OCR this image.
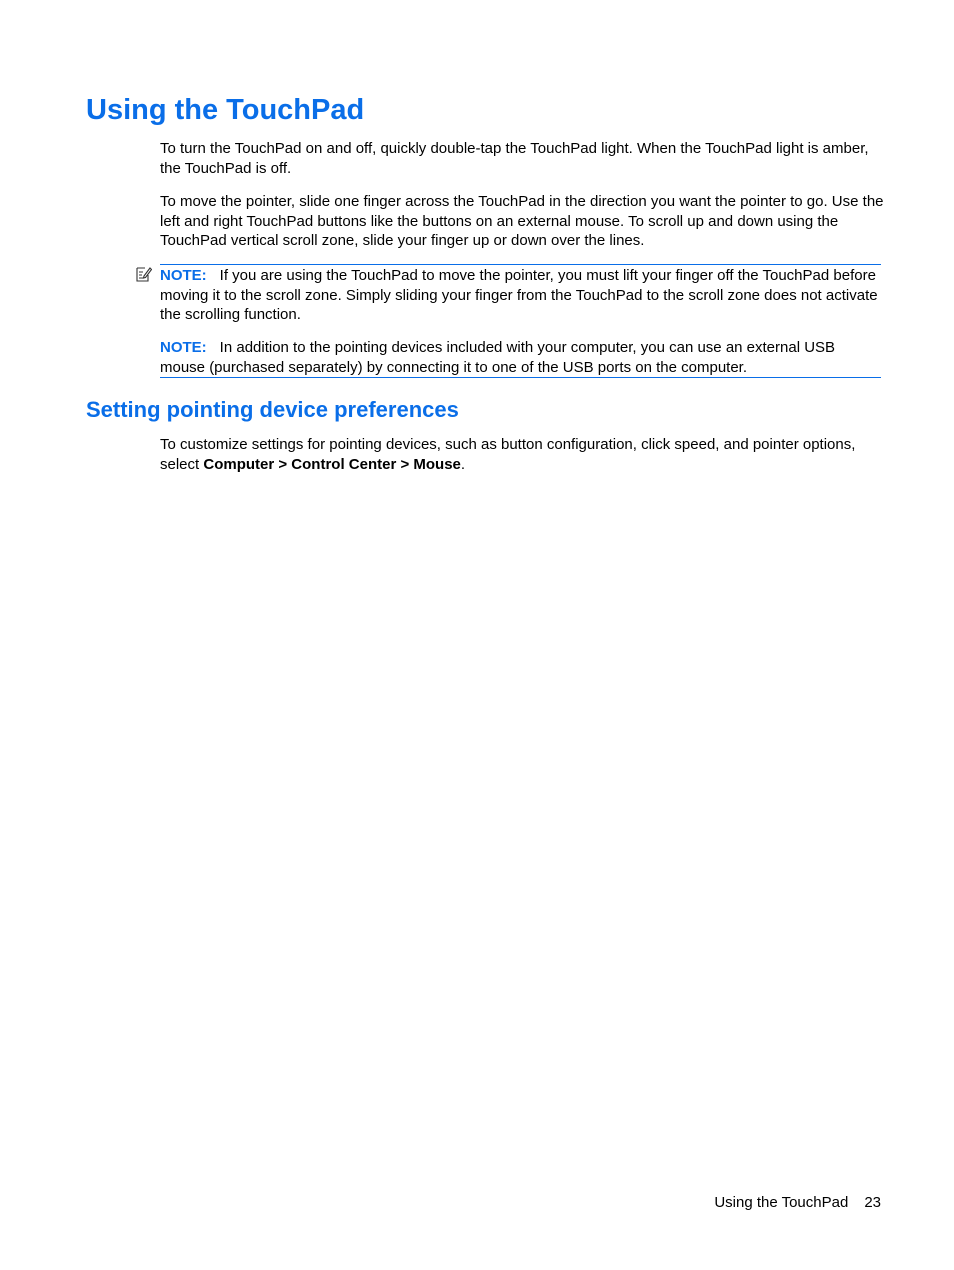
Using the TouchPad

To turn the TouchPad on and off, quickly double-tap the TouchPad light. When the TouchPad light is amber, the TouchPad is off.

To move the pointer, slide one finger across the TouchPad in the direction you want the pointer to go. Use the left and right TouchPad buttons like the buttons on an external mouse. To scroll up and down using the TouchPad vertical scroll zone, slide your finger up or down over the lines.

NOTE: If you are using the TouchPad to move the pointer, you must lift your finger off the TouchPad before moving it to the scroll zone. Simply sliding your finger from the TouchPad to the scroll zone does not activate the scrolling function.

NOTE: In addition to the pointing devices included with your computer, you can use an external USB mouse (purchased separately) by connecting it to one of the USB ports on the computer.

Setting pointing device preferences

To customize settings for pointing devices, such as button configuration, click speed, and pointer options, select Computer > Control Center > Mouse.

Using the TouchPad 23
